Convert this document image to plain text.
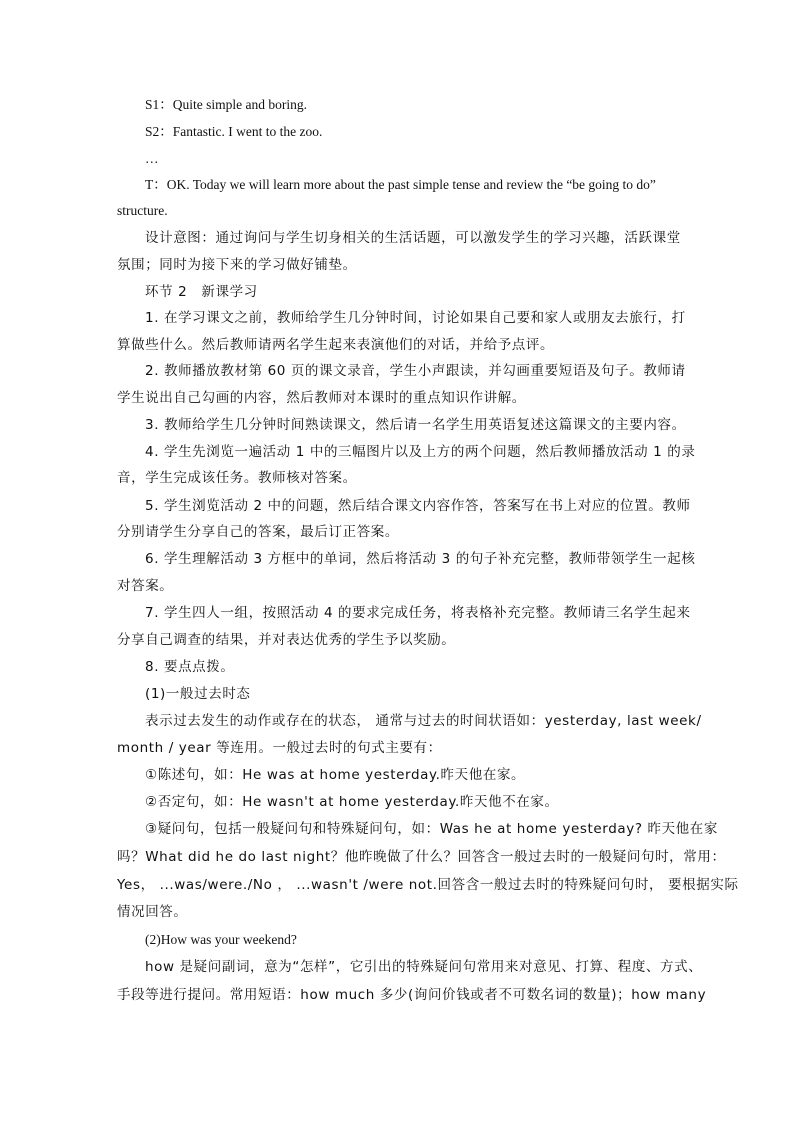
S1：Quite simple and boring.
S2：Fantastic. I went to the zoo.
…
T：OK. Today we will learn more about the past simple tense and review the “be going to do”
structure.
设计意图：通过询问与学生切身相关的生活话题，可以激发学生的学习兴趣，活跃课堂
氛围；同时为接下来的学习做好铺垫。
环节 2　新课学习
1. 在学习课文之前，教师给学生几分钟时间，讨论如果自己要和家人或朋友去旅行，打
算做些什么。然后教师请两名学生起来表演他们的对话，并给予点评。
2. 教师播放教材第 60 页的课文录音，学生小声跟读，并勾画重要短语及句子。教师请
学生说出自己勾画的内容，然后教师对本课时的重点知识作讲解。
3. 教师给学生几分钟时间熟读课文，然后请一名学生用英语复述这篇课文的主要内容。
4. 学生先浏览一遍活动 1 中的三幅图片以及上方的两个问题，然后教师播放活动 1 的录
音，学生完成该任务。教师核对答案。
5. 学生浏览活动 2 中的问题，然后结合课文内容作答，答案写在书上对应的位置。教师
分别请学生分享自己的答案，最后订正答案。
6. 学生理解活动 3 方框中的单词，然后将活动 3 的句子补充完整，教师带领学生一起核
对答案。
7. 学生四人一组，按照活动 4 的要求完成任务，将表格补充完整。教师请三名学生起来
分享自己调查的结果，并对表达优秀的学生予以奖励。
8. 要点点拨。
(1)一般过去时态
表示过去发生的动作或存在的状态， 通常与过去的时间状语如：yesterday, last week/
month / year 等连用。一般过去时的句式主要有：
①陈述句，如：He was at home yesterday.昨天他在家。
②否定句，如：He wasn't at home yesterday.昨天他不在家。
③疑问句，包括一般疑问句和特殊疑问句，如：Was he at home yesterday? 昨天他在家
吗？What did he do last night？他昨晚做了什么？回答含一般过去时的一般疑问句时，常用：
Yes， ...was/were./No ， ...wasn't /were not.回答含一般过去时的特殊疑问句时， 要根据实际
情况回答。
(2)How was your weekend?
how 是疑问副词，意为“怎样”，它引出的特殊疑问句常用来对意见、打算、程度、方式、
手段等进行提问。常用短语：how much 多少(询问价钱或者不可数名词的数量)；how many
